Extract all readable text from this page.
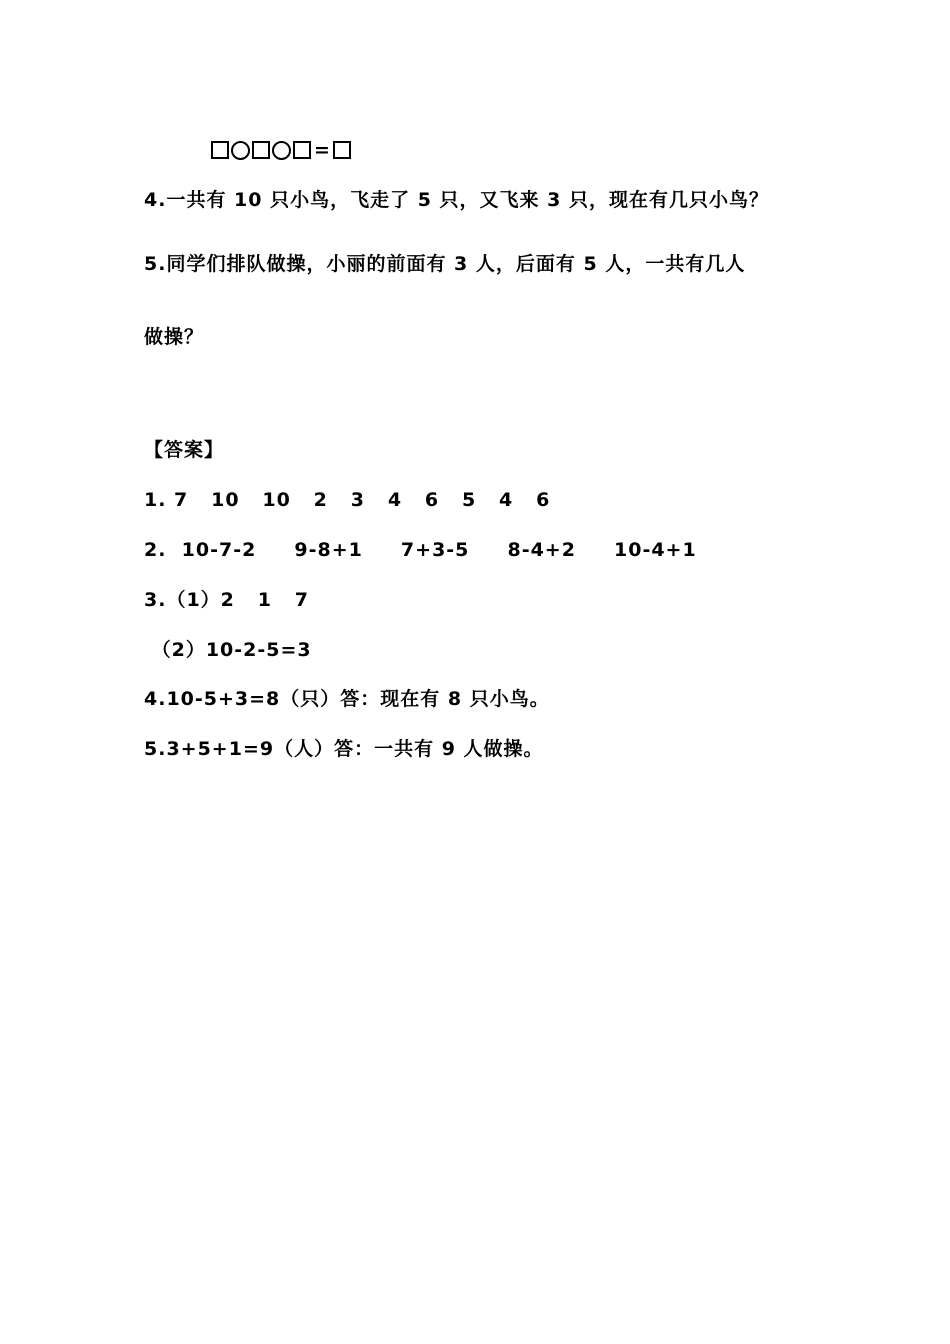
=
4.一共有 10 只小鸟，飞走了 5 只，又飞来 3 只，现在有几只小鸟？
5.同学们排队做操，小丽的前面有 3 人，后面有 5 人，一共有几人
做操？
【答案】
1. 7   10   10   2   3   4   6   5   4   6
2.  10-7-2     9-8+1     7+3-5     8-4+2     10-4+1
3.（1）2   1   7
（2）10-2-5=3
4.10-5+3=8（只）答：现在有 8 只小鸟。
5.3+5+1=9（人）答：一共有 9 人做操。
